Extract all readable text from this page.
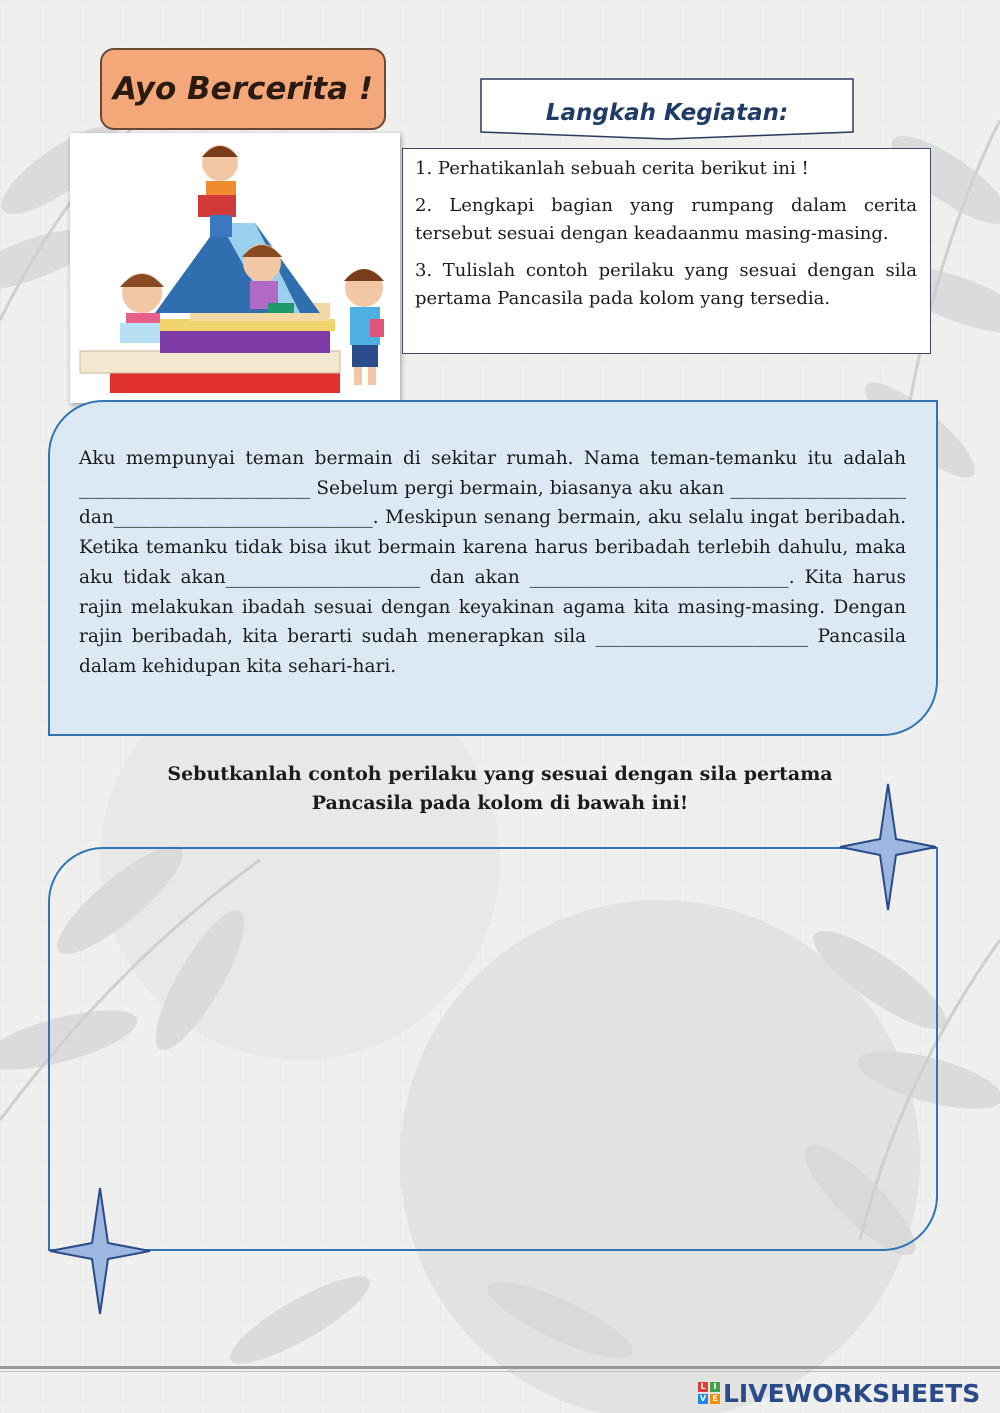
Ayo Bercerita !
Langkah Kegiatan:

1. Perhatikanlah sebuah cerita berikut ini !

2. Lengkapi bagian yang rumpang dalam cerita tersebut sesuai dengan keadaanmu masing-masing.

3. Tulislah contoh perilaku yang sesuai dengan sila pertama Pancasila pada kolom yang tersedia.

Aku mempunyai teman bermain di sekitar rumah. Nama teman-temanku itu adalah _________________________ Sebelum pergi bermain, biasanya aku akan ___________________ dan____________________________. Meskipun senang bermain, aku selalu ingat beribadah. Ketika temanku tidak bisa ikut bermain karena harus beribadah terlebih dahulu, maka aku tidak akan_____________________ dan akan ____________________________. Kita harus rajin melakukan ibadah sesuai dengan keyakinan agama kita masing-masing. Dengan rajin beribadah, kita berarti sudah menerapkan sila _______________________ Pancasila dalam kehidupan kita sehari-hari.

Sebutkanlah contoh perilaku yang sesuai dengan sila pertama

Pancasila pada kolom di bawah ini!

L I
V E LIVEWORKSHEETS
